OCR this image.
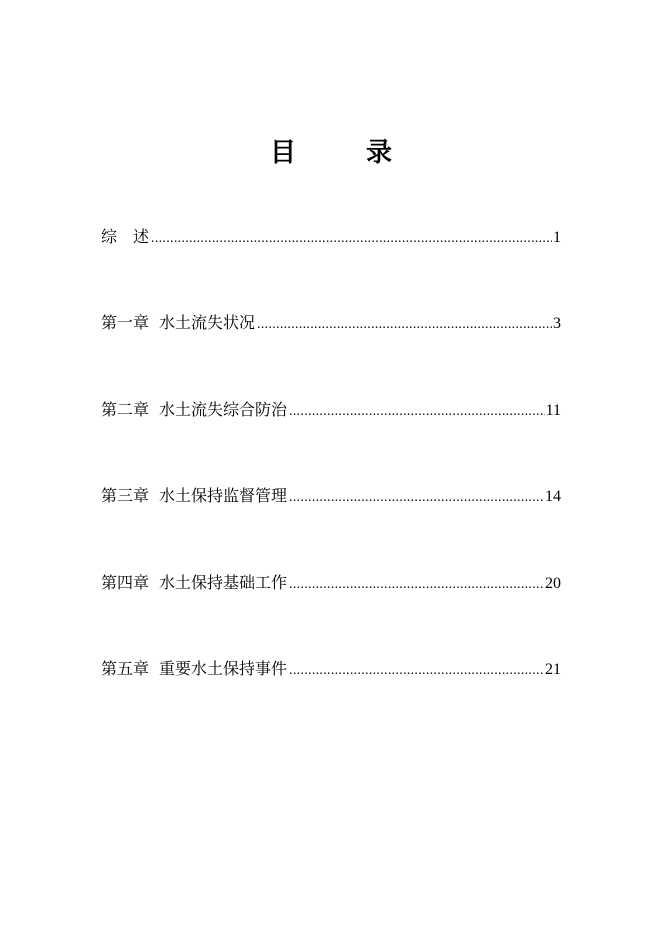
目　录
综　述 .....	1
第一章 水土流失状况 .....	3
第二章 水土流失综合防治 .....	11
第三章 水土保持监督管理 .....	14
第四章 水土保持基础工作 .....	20
第五章 重要水土保持事件 .....	21
